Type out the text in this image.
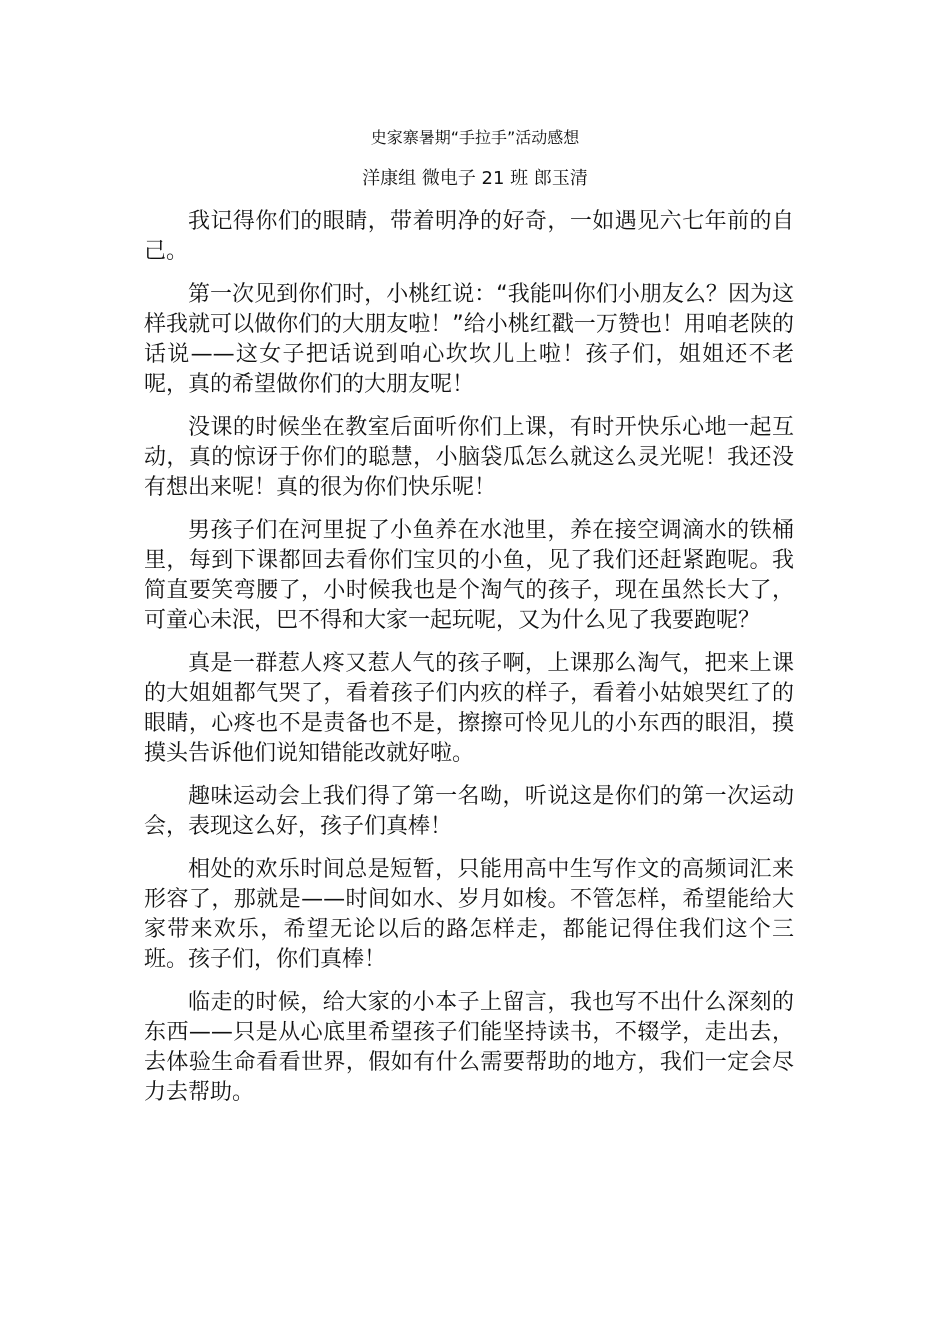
史家寨暑期“手拉手”活动感想
洋康组 微电子 21 班 郎玉清

我记得你们的眼睛，带着明净的好奇，一如遇见六七年前的自己。

第一次见到你们时，小桃红说：“我能叫你们小朋友么？因为这样我就可以做你们的大朋友啦！”给小桃红戳一万赞也！用咱老陕的话说——这女子把话说到咱心坎坎儿上啦！孩子们，姐姐还不老呢，真的希望做你们的大朋友呢！

没课的时候坐在教室后面听你们上课，有时开快乐心地一起互动，真的惊讶于你们的聪慧，小脑袋瓜怎么就这么灵光呢！我还没有想出来呢！真的很为你们快乐呢！

男孩子们在河里捉了小鱼养在水池里，养在接空调滴水的铁桶里，每到下课都回去看你们宝贝的小鱼，见了我们还赶紧跑呢。我简直要笑弯腰了，小时候我也是个淘气的孩子，现在虽然长大了，可童心未泯，巴不得和大家一起玩呢，又为什么见了我要跑呢？

真是一群惹人疼又惹人气的孩子啊，上课那么淘气，把来上课的大姐姐都气哭了，看着孩子们内疚的样子，看着小姑娘哭红了的眼睛，心疼也不是责备也不是，擦擦可怜见儿的小东西的眼泪，摸摸头告诉他们说知错能改就好啦。

趣味运动会上我们得了第一名呦，听说这是你们的第一次运动会，表现这么好，孩子们真棒！

相处的欢乐时间总是短暂，只能用高中生写作文的高频词汇来形容了，那就是——时间如水、岁月如梭。不管怎样，希望能给大家带来欢乐，希望无论以后的路怎样走，都能记得住我们这个三班。孩子们，你们真棒！

临走的时候，给大家的小本子上留言，我也写不出什么深刻的东西——只是从心底里希望孩子们能坚持读书，不辍学，走出去，去体验生命看看世界，假如有什么需要帮助的地方，我们一定会尽力去帮助。
